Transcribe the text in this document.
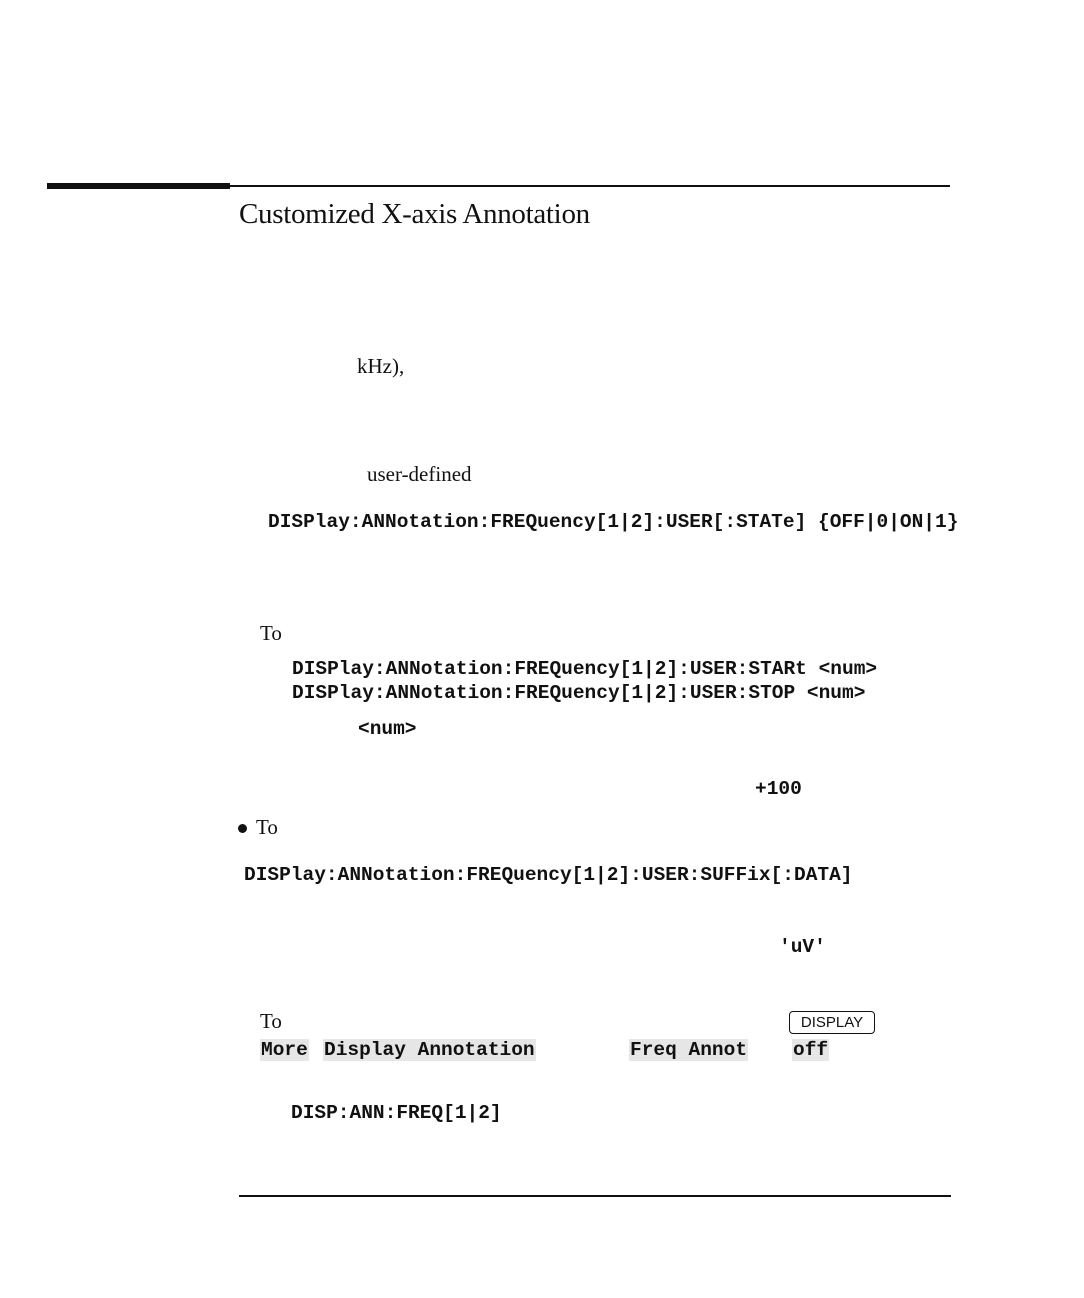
Customized X-axis Annotation
kHz),
user-defined
DISPlay:ANNotation:FREQuency[1|2]:USER[:STATe] {OFF|0|ON|1}
To
DISPlay:ANNotation:FREQuency[1|2]:USER:STARt <num>
DISPlay:ANNotation:FREQuency[1|2]:USER:STOP <num>
<num>
+100
To
DISPlay:ANNotation:FREQuency[1|2]:USER:SUFFix[:DATA]
'uV'
To	DISPLAY
More Display Annotation	Freq Annot off
DISP:ANN:FREQ[1|2]
